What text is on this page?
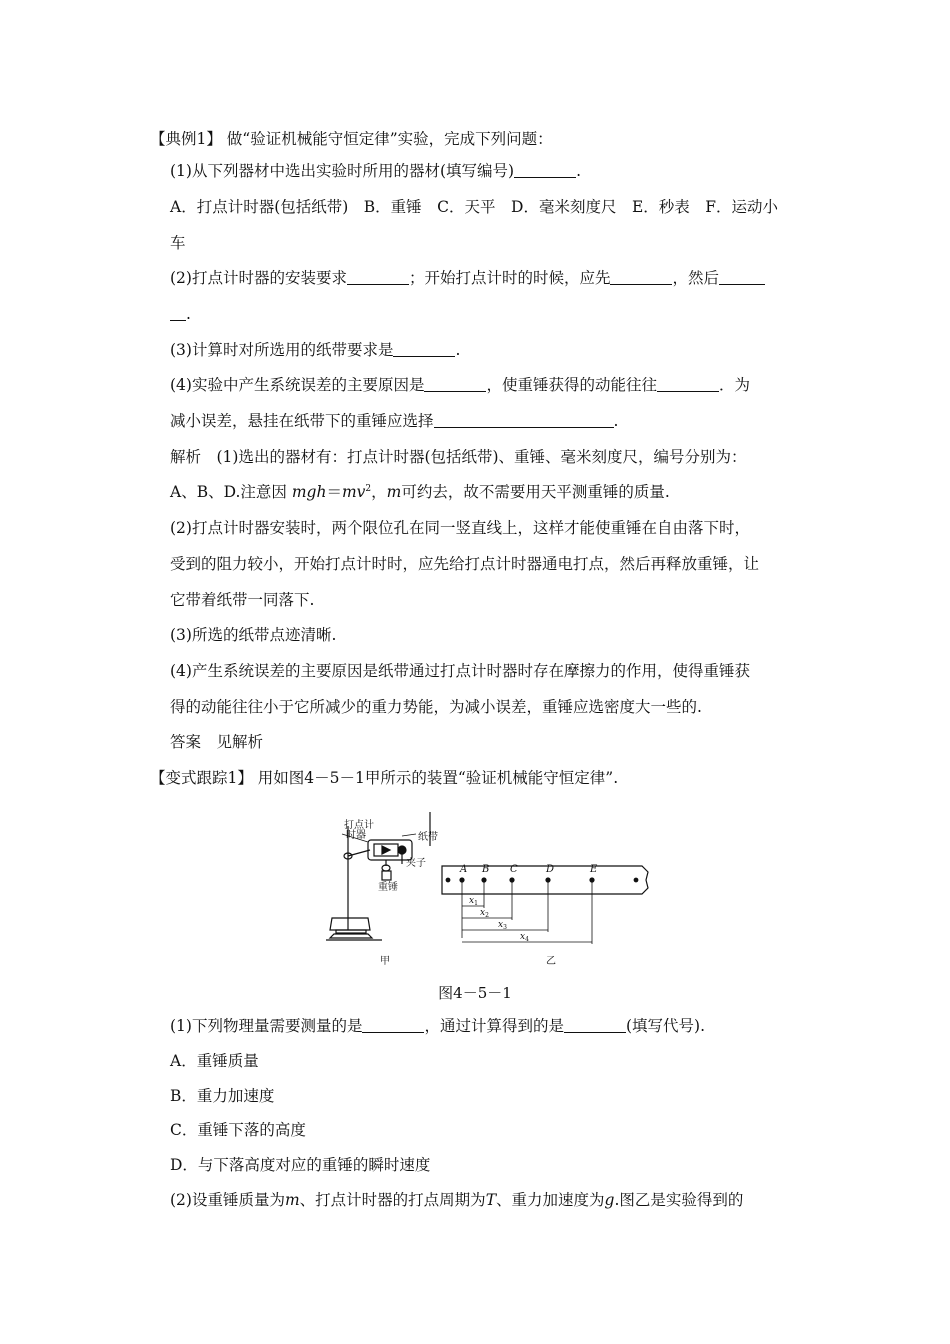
【典例1】 做“验证机械能守恒定律”实验，完成下列问题：
(1)从下列器材中选出实验时所用的器材(填写编号)	.
A．打点计时器(包括纸带)　B．重锤　C．天平　D．毫米刻度尺　E．秒表　F．运动小
车
(2)打点计时器的安装要求	；开始打点计时的时候，应先	，然后
.
(3)计算时对所选用的纸带要求是	.
(4)实验中产生系统误差的主要原因是	，使重锤获得的动能往往	．为
减小误差，悬挂在纸带下的重锤应选择	.
解析　(1)选出的器材有：打点计时器(包括纸带)、重锤、毫米刻度尺，编号分别为：
A、B、D.注意因 $mgh=mv^2$，m可约去，故不需要用天平测重锤的质量.
(2)打点计时器安装时，两个限位孔在同一竖直线上，这样才能使重锤在自由落下时，
受到的阻力较小，开始打点计时时，应先给打点计时器通电打点，然后再释放重锤，让
它带着纸带一同落下.
(3)所选的纸带点迹清晰.
(4)产生系统误差的主要原因是纸带通过打点计时器时存在摩擦力的作用，使得重锤获
得的动能往往小于它所减少的重力势能，为减小误差，重锤应选密度大一些的.
答案　见解析
【变式跟踪1】 用如图4－5－1甲所示的装置“验证机械能守恒定律”.
打点计
时器	纸带
夹子
重锤
甲
A B C	D	E
$x_1$
$x_2$
$x_3$
$x_4$
乙
图4－5－1
(1)下列物理量需要测量的是	，通过计算得到的是	(填写代号).
A．重锤质量
B．重力加速度
C．重锤下落的高度
D．与下落高度对应的重锤的瞬时速度
(2)设重锤质量为m、打点计时器的打点周期为T、重力加速度为g.图乙是实验得到的
